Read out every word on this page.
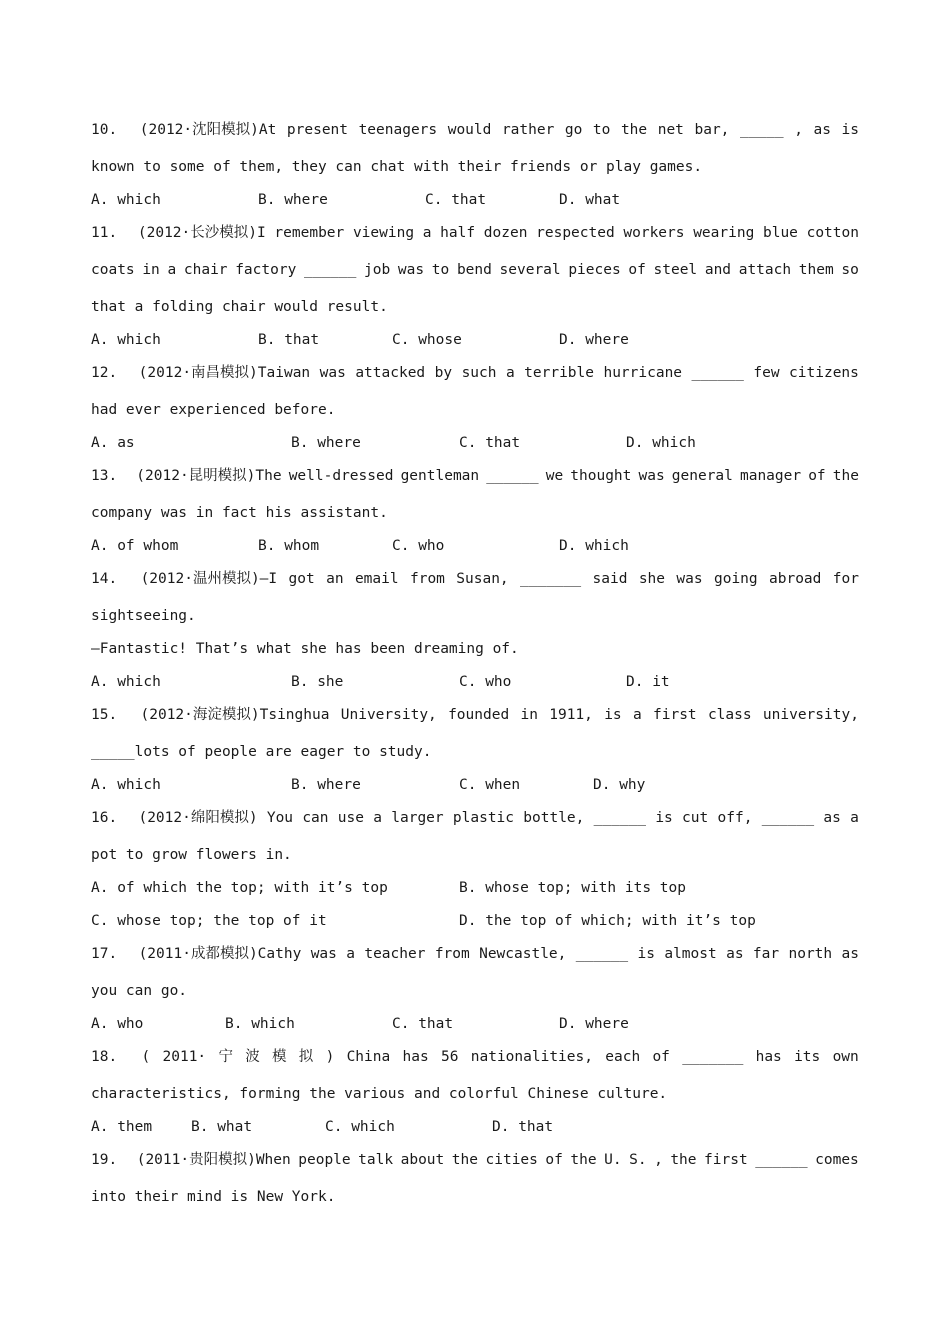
10. (2012·沈阳模拟)At present teenagers would rather go to the net bar, _____ , as is
known to some of them, they can chat with their friends or play games.
A. which	B. where	C. that	D. what
11. (2012·长沙模拟)I remember viewing a half dozen respected workers wearing blue cotton
coats in a chair factory ______ job was to bend several pieces of steel and attach them so
that a folding chair would result.
A. which	B. that	C. whose	D. where
12. (2012·南昌模拟)Taiwan was attacked by such a terrible hurricane ______ few citizens
had ever experienced before.
A. as	B. where	C. that	D. which
13. (2012·昆明模拟)The well-dressed gentleman ______ we thought was general manager of the
company was in fact his assistant.
A. of whom	B. whom	C. who	D. which
14. (2012·温州模拟)—I got an email from Susan, _______ said she was going abroad for
sightseeing.
—Fantastic! That’s what she has been dreaming of.
A. which	B. she	C. who	D. it
15. (2012·海淀模拟)Tsinghua University, founded in 1911, is a first class university,
_____lots of people are eager to study.
A. which	B. where	C. when	D. why
16. (2012·绵阳模拟) You can use a larger plastic bottle, ______ is cut off, ______ as a
pot to grow flowers in.
A. of which the top; with it’s top	B. whose top; with its top
C. whose top; the top of it	D. the top of which; with it’s top
17. (2011·成都模拟)Cathy was a teacher from Newcastle, ______ is almost as far north as
you can go.
A. who	B. which	C. that	D. where
18. ( 2011· 宁 波 模 拟 ) China has 56 nationalities, each of _______ has its own
characteristics, forming the various and colorful Chinese culture.
A. them	B. what	C. which	D. that
19. (2011·贵阳模拟)When people talk about the cities of the U. S. , the first ______ comes
into their mind is New York.
